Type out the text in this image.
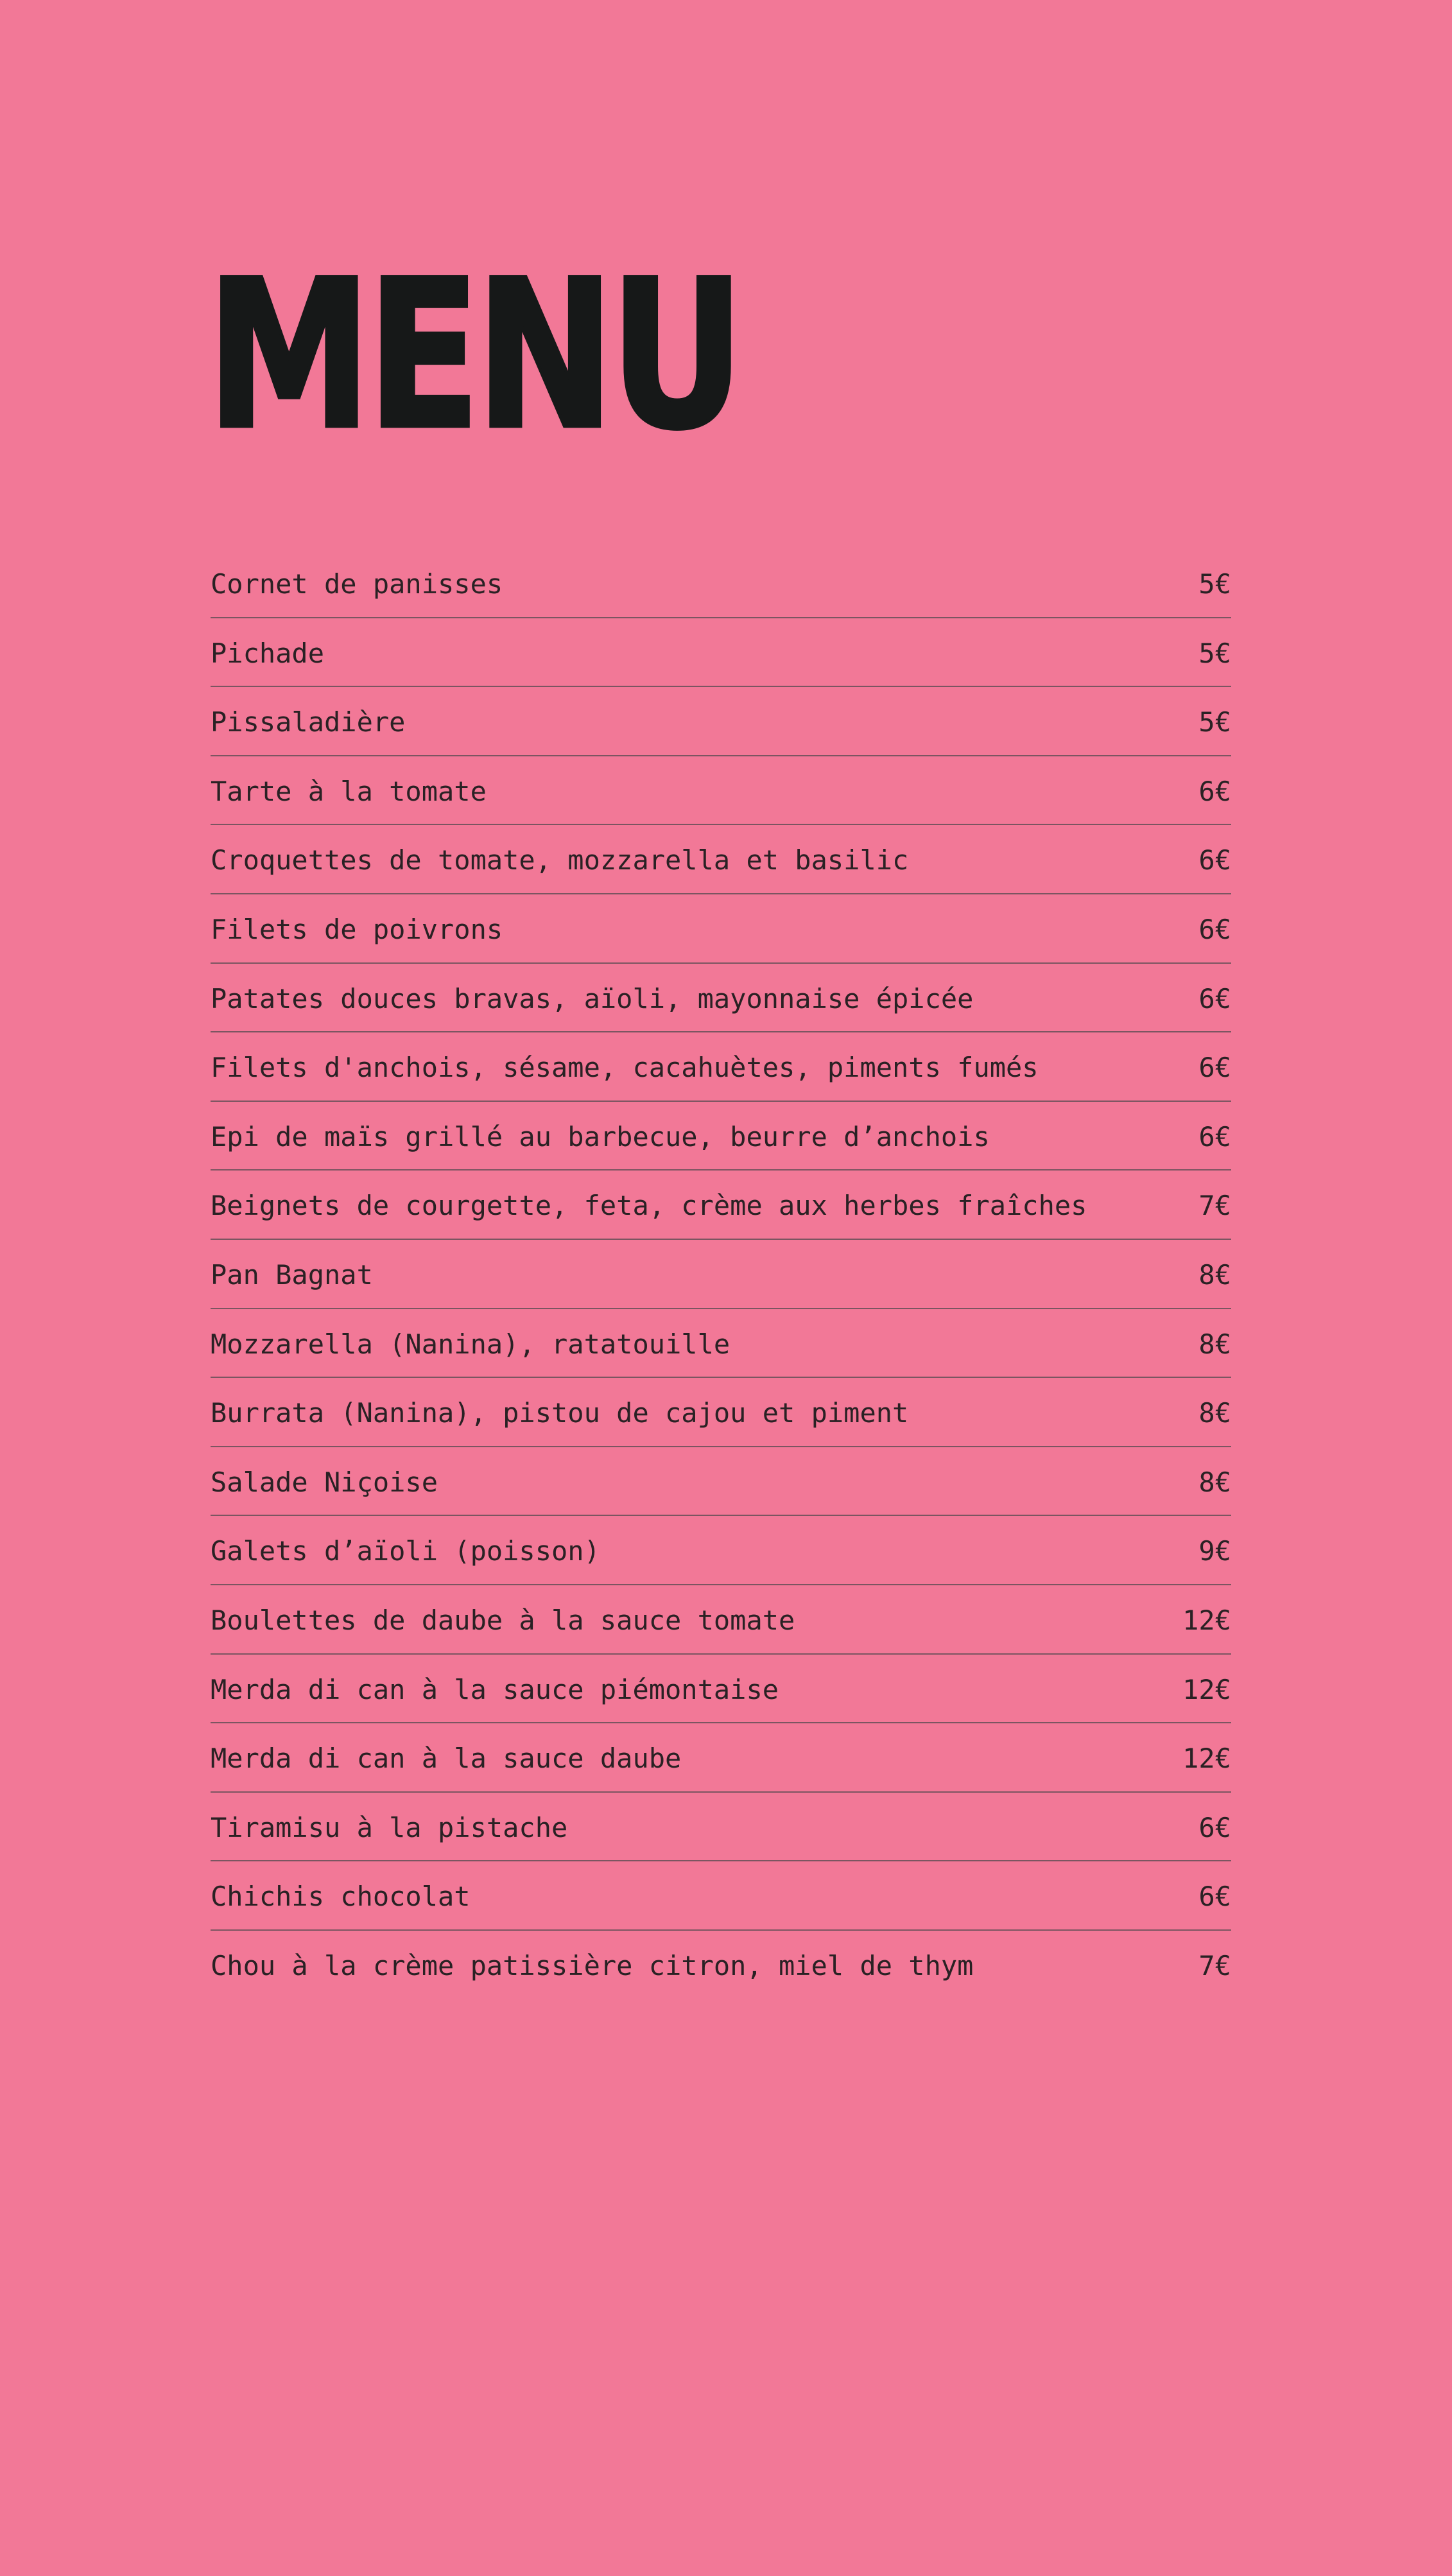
MENU
Cornet de panisses	5€
Pichade	5€
Pissaladière	5€
Tarte à la tomate	6€
Croquettes de tomate, mozzarella et basilic	6€
Filets de poivrons	6€
Patates douces bravas, aïoli, mayonnaise épicée	6€
Filets d'anchois, sésame, cacahuètes, piments fumés	6€
Epi de maïs grillé au barbecue, beurre d’anchois	6€
Beignets de courgette, feta, crème aux herbes fraîches	7€
Pan Bagnat	8€
Mozzarella (Nanina), ratatouille	8€
Burrata (Nanina), pistou de cajou et piment	8€
Salade Niçoise	8€
Galets d’aïoli (poisson)	9€
Boulettes de daube à la sauce tomate	12€
Merda di can à la sauce piémontaise	12€
Merda di can à la sauce daube	12€
Tiramisu à la pistache	6€
Chichis chocolat	6€
Chou à la crème patissière citron, miel de thym	7€
